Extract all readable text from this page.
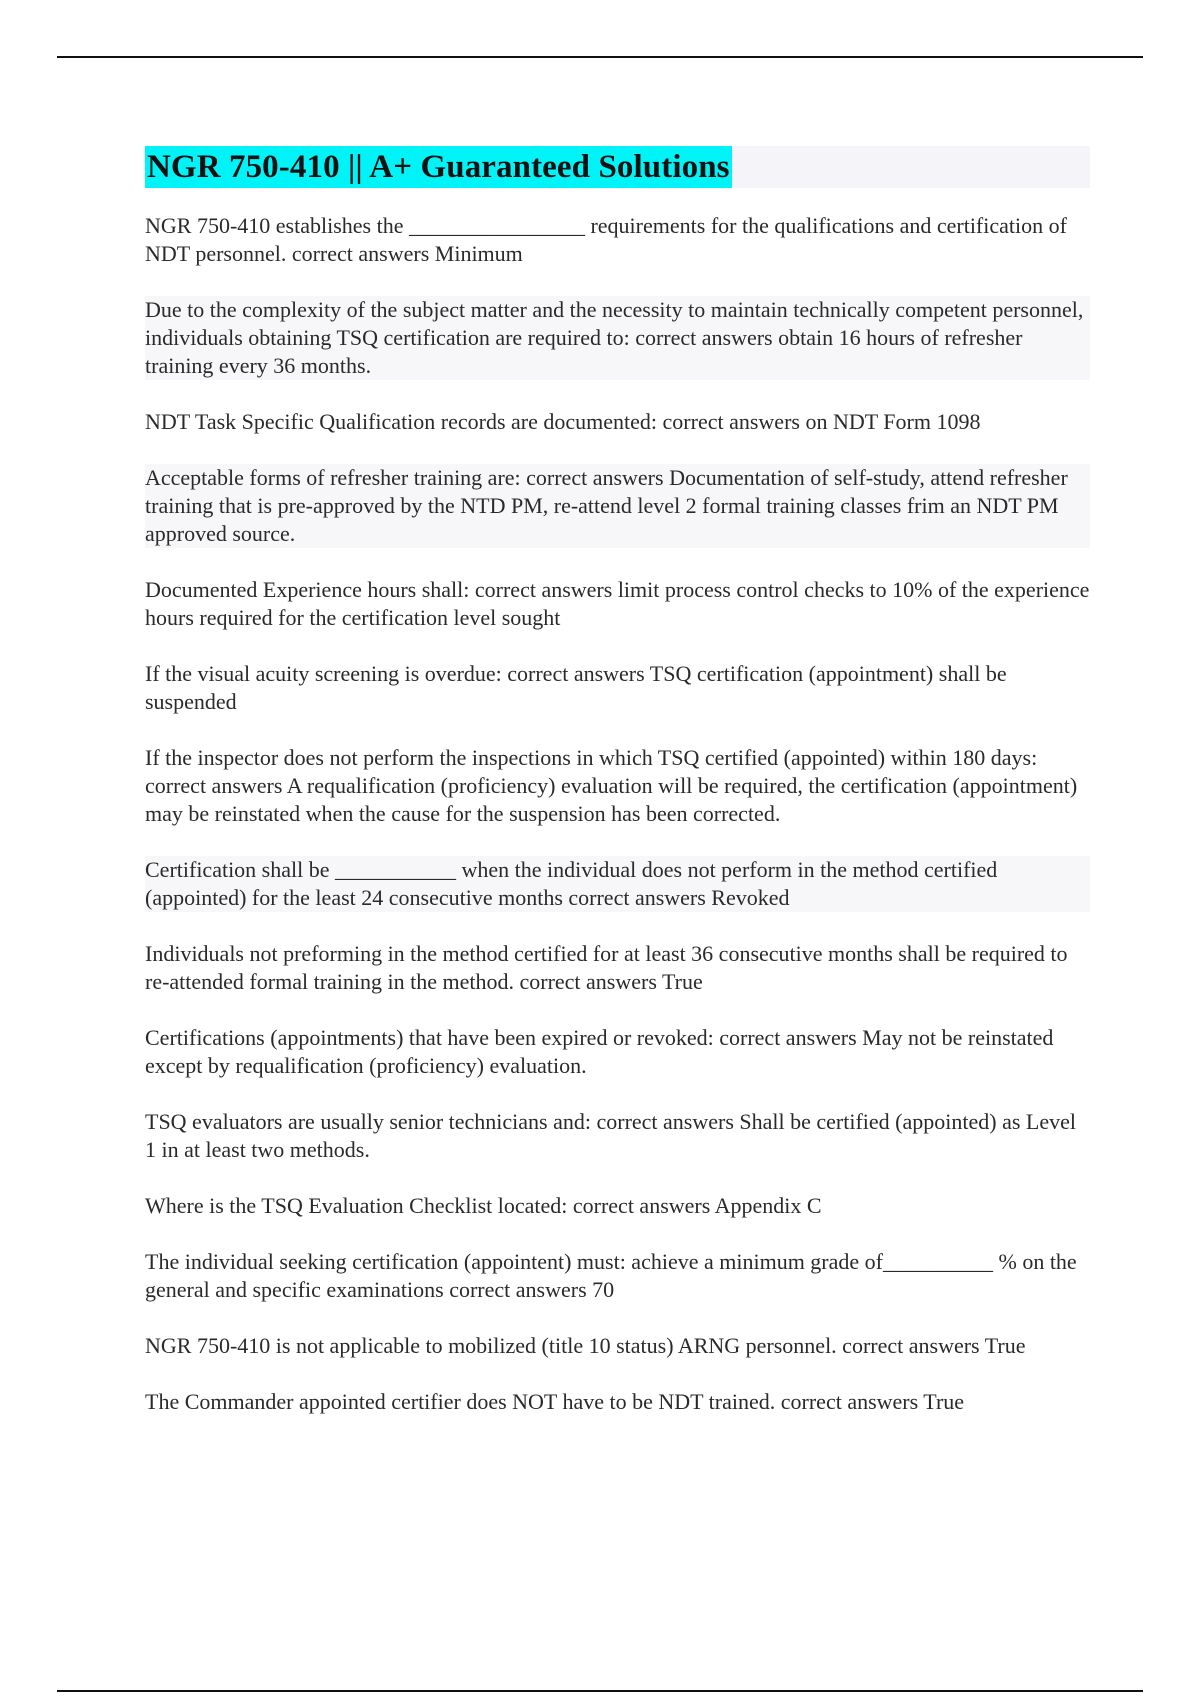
NGR 750-410 || A+ Guaranteed Solutions
NGR 750-410 establishes the ________________ requirements for the qualifications and certification of NDT personnel. correct answers Minimum
Due to the complexity of the subject matter and the necessity to maintain technically competent personnel, individuals obtaining TSQ certification are required to: correct answers obtain 16 hours of refresher training every 36 months.
NDT Task Specific Qualification records are documented: correct answers on NDT Form 1098
Acceptable forms of refresher training are: correct answers Documentation of self-study, attend refresher training that is pre-approved by the NTD PM, re-attend level 2 formal training classes frim an NDT PM approved source.
Documented Experience hours shall: correct answers limit process control checks to 10% of the experience hours required for the certification level sought
If the visual acuity screening is overdue: correct answers TSQ certification (appointment) shall be suspended
If the inspector does not perform the inspections in which TSQ certified (appointed) within 180 days: correct answers A requalification (proficiency) evaluation will be required, the certification (appointment) may be reinstated when the cause for the suspension has been corrected.
Certification shall be ___________ when the individual does not perform in the method certified (appointed) for the least 24 consecutive months correct answers Revoked
Individuals not preforming in the method certified for at least 36 consecutive months shall be required to re-attended formal training in the method. correct answers True
Certifications (appointments) that have been expired or revoked: correct answers May not be reinstated except by requalification (proficiency) evaluation.
TSQ evaluators are usually senior technicians and: correct answers Shall be certified (appointed) as Level 1 in at least two methods.
Where is the TSQ Evaluation Checklist located: correct answers Appendix C
The individual seeking certification (appointent) must: achieve a minimum grade of__________ % on the general and specific examinations correct answers 70
NGR 750-410 is not applicable to mobilized (title 10 status) ARNG personnel. correct answers True
The Commander appointed certifier does NOT have to be NDT trained. correct answers True
